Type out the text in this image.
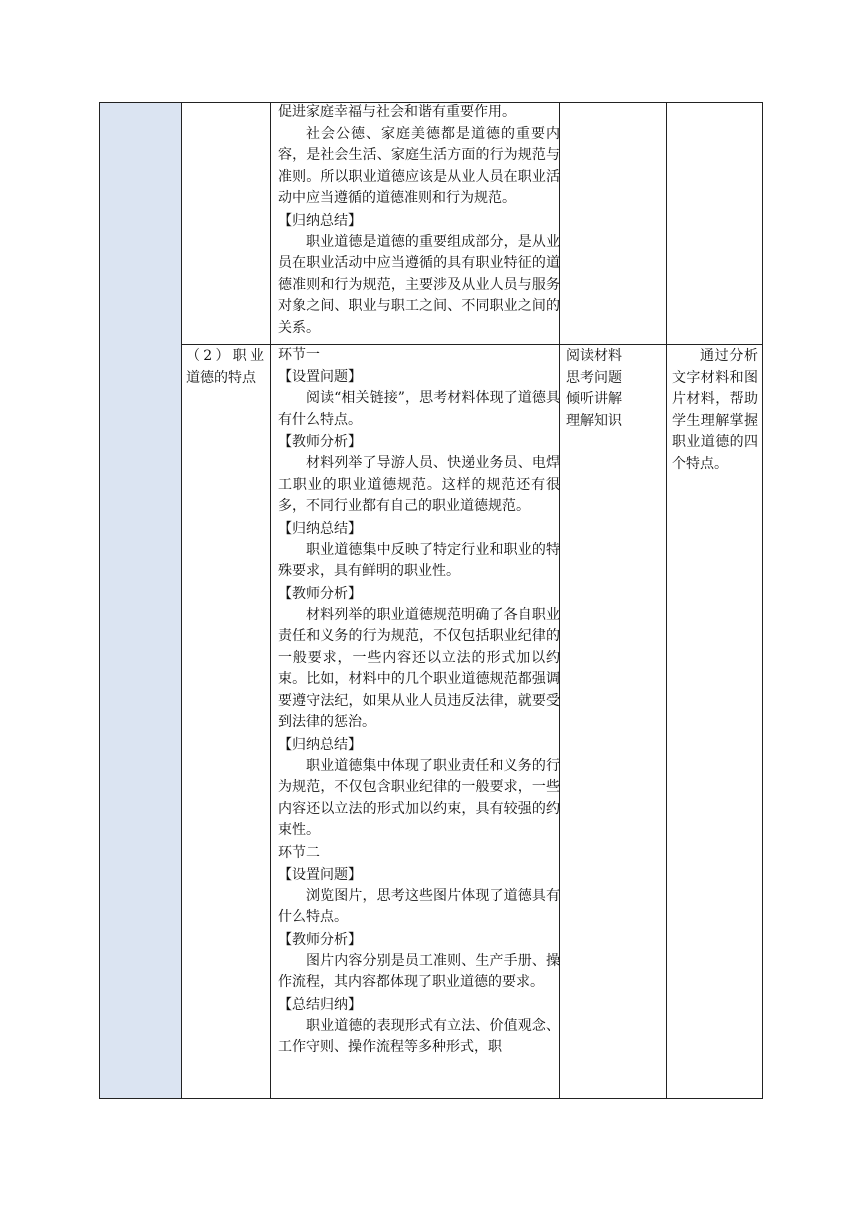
促进家庭幸福与社会和谐有重要作用。

社会公德、家庭美德都是道德的重要内容，是社会生活、家庭生活方面的行为规范与准则。所以职业道德应该是从业人员在职业活动中应当遵循的道德准则和行为规范。

【归纳总结】

职业道德是道德的重要组成部分，是从业员在职业活动中应当遵循的具有职业特征的道德准则和行为规范，主要涉及从业人员与服务对象之间、职业与职工之间、不同职业之间的关系。

环节一
【设置问题】

阅读“相关链接”，思考材料体现了道德具有什么特点。

【教师分析】

材料列举了导游人员、快递业务员、电焊工职业的职业道德规范。这样的规范还有很多，不同行业都有自己的职业道德规范。

【归纳总结】

职业道德集中反映了特定行业和职业的特殊要求，具有鲜明的职业性。

【教师分析】

材料列举的职业道德规范明确了各自职业责任和义务的行为规范，不仅包括职业纪律的一般要求，一些内容还以立法的形式加以约束。比如，材料中的几个职业道德规范都强调要遵守法纪，如果从业人员违反法律，就要受到法律的惩治。

【归纳总结】

职业道德集中体现了职业责任和义务的行为规范，不仅包含职业纪律的一般要求，一些内容还以立法的形式加以约束，具有较强的约束性。

环节二
【设置问题】

浏览图片，思考这些图片体现了道德具有什么特点。

【教师分析】

图片内容分别是员工准则、生产手册、操作流程，其内容都体现了职业道德的要求。

【总结归纳】

职业道德的表现形式有立法、价值观念、工作守则、操作流程等多种形式，职

（2）职业道德的特点
阅读材料
思考问题
倾听讲解
理解知识

通过分析文字材料和图片材料，帮助学生理解掌握职业道德的四个特点。
